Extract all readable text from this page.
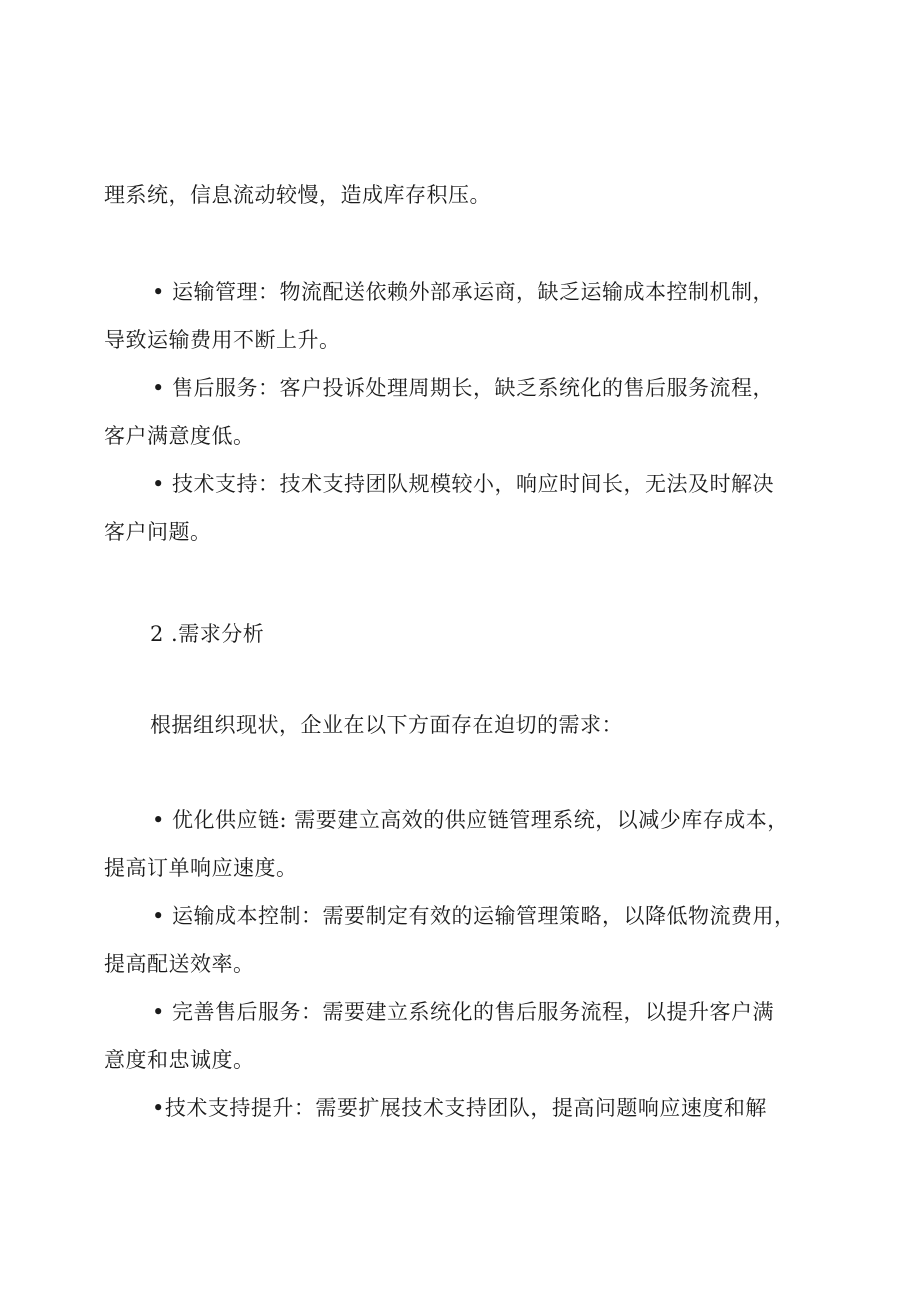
理系统，信息流动较慢，造成库存积压。
• 运输管理：物流配送依赖外部承运商，缺乏运输成本控制机制，
导致运输费用不断上升。
• 售后服务：客户投诉处理周期长，缺乏系统化的售后服务流程，
客户满意度低。
• 技术支持：技术支持团队规模较小，响应时间长，无法及时解决
客户问题。
2 .需求分析
根据组织现状，企业在以下方面存在迫切的需求：
• 优化供应链: 需要建立高效的供应链管理系统，以减少库存成本，
提高订单响应速度。
• 运输成本控制：需要制定有效的运输管理策略，以降低物流费用，
提高配送效率。
• 完善售后服务：需要建立系统化的售后服务流程，以提升客户满
意度和忠诚度。
•技术支持提升：需要扩展技术支持团队，提高问题响应速度和解
